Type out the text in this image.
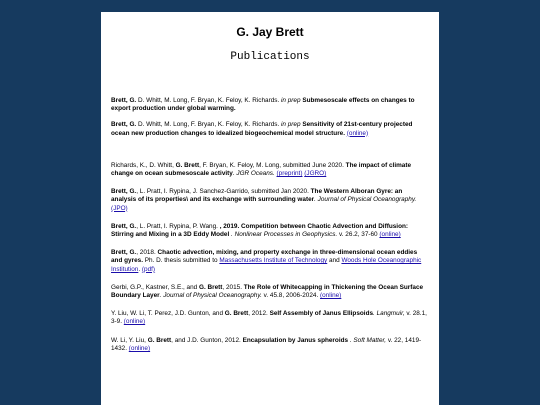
G. Jay Brett
Publications

Brett, G. D. Whitt, M. Long, F. Bryan, K. Feloy, K. Richards. in prep Submesoscale effects on changes to export production under global warming.

Brett, G. D. Whitt, M. Long, F. Bryan, K. Feloy, K. Richards. in prep Sensitivity of 21st-century projected ocean new production changes to idealized biogeochemical model structure. (online)

Richards, K., D. Whitt, G. Brett, F. Bryan, K. Feloy, M. Long, submitted June 2020. The impact of climate change on ocean submesoscale activity. JGR Oceans. (preprint) (JGRO)

Brett, G., L. Pratt, I. Rypina, J. Sanchez-Garrido, submitted Jan 2020. The Western Alboran Gyre: an analysis of its properties\ and its exchange with surrounding water. Journal of Physical Oceanography. (JPO)

Brett, G., L. Pratt, I. Rypina, P. Wang. , 2019. Competition between Chaotic Advection and Diffusion: Stirring and Mixing in a 3D Eddy Model . Nonlinear Processes in Geophysics. v. 26.2, 37-60 (online)

Brett, G., 2018. Chaotic advection, mixing, and property exchange in three-dimensional ocean eddies and gyres. Ph. D. thesis submitted to Massachusetts Institute of Technology and Woods Hole Oceanographic Institution. (pdf)

Gerbi, G.P., Kastner, S.E., and G. Brett, 2015. The Role of Whitecapping in Thickening the Ocean Surface Boundary Layer. Journal of Physical Oceanography. v. 45.8, 2006-2024. (online)

Y. Liu, W. Li, T. Perez, J.D. Gunton, and G. Brett, 2012. Self Assembly of Janus Ellipsoids. Langmuir, v. 28.1, 3-9. (online)

W. Li, Y. Liu, G. Brett, and J.D. Gunton, 2012. Encapsulation by Janus spheroids . Soft Matter, v. 22, 1419-1432. (online)
